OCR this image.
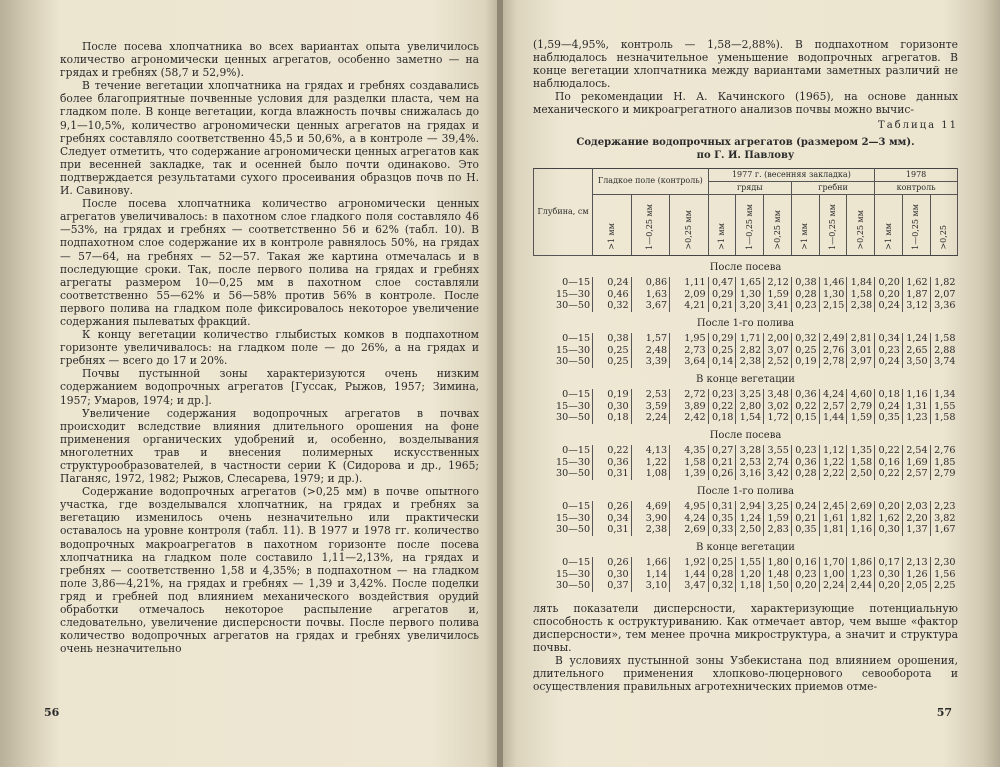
После посева хлопчатника во всех вариантах опыта увеличилось количество агрономически ценных агрегатов, особенно заметно — на грядах и гребнях (58,7 и 52,9%).

В течение вегетации хлопчатника на грядах и гребнях создавались более благоприятные почвенные условия для разделки пласта, чем на гладком поле. В конце вегетации, когда влажность почвы снижалась до 9,1—10,5%, количество агрономически ценных агрегатов на грядах и гребнях составляло соответственно 45,5 и 50,6%, а в контроле — 39,4%. Следует отметить, что содержание агрономически ценных агрегатов как при весенней закладке, так и осенней было почти одинаково. Это подтверждается результатами сухого просеивания образцов почв по Н. И. Савинову.

После посева хлопчатника количество агрономически ценных агрегатов увеличивалось: в пахотном слое гладкого поля составляло 46—53%, на грядах и гребнях — соответственно 56 и 62% (табл. 10). В подпахотном слое содержание их в контроле равнялось 50%, на грядах — 57—64, на гребнях — 52—57. Такая же картина отмечалась и в последующие сроки. Так, после первого полива на грядах и гребнях агрегаты размером 10—0,25 мм в пахотном слое составляли соответственно 55—62% и 56—58% против 56% в контроле. После первого полива на гладком поле фиксировалось некоторое увеличение содержания пылеватых фракций.

К концу вегетации количество глыбистых комков в подпахотном горизонте увеличивалось: на гладком поле — до 26%, а на грядах и гребнях — всего до 17 и 20%.

Почвы пустынной зоны характеризуются очень низким содержанием водопрочных агрегатов [Гуссак, Рыжов, 1957; Зимина, 1957; Умаров, 1974; и др.].

Увеличение содержания водопрочных агрегатов в почвах происходит вследствие влияния длительного орошения на фоне применения органических удобрений и, особенно, возделывания многолетних трав и внесения полимерных искусственных структурообразователей, в частности серии К (Сидорова и др., 1965; Паганяс, 1972, 1982; Рыжов, Слесарева, 1979; и др.).

Содержание водопрочных агрегатов (>0,25 мм) в почве опытного участка, где возделывался хлопчатник, на грядах и гребнях за вегетацию изменилось очень незначительно или практически оставалось на уровне контроля (табл. 11). В 1977 и 1978 гг. количество водопрочных макроагрегатов в пахотном горизонте после посева хлопчатника на гладком поле составило 1,11—2,13%, на грядах и гребнях — соответственно 1,58 и 4,35%; в подпахотном — на гладком поле 3,86—4,21%, на грядах и гребнях — 1,39 и 3,42%. После поделки гряд и гребней под влиянием механического воздействия орудий обработки отмечалось некоторое распыление агрегатов и, следовательно, увеличение дисперсности почвы. После первого полива количество водопрочных агрегатов на грядах и гребнях увеличилось очень незначительно

56

(1,59—4,95%, контроль — 1,58—2,88%). В подпахотном горизонте наблюдалось незначительное уменьшение водопрочных агрегатов. В конце вегетации хлопчатника между вариантами заметных различий не наблюдалось.

По рекомендации Н. А. Качинского (1965), на основе данных механического и микроагрегатного анализов почвы можно вычис-

Таблица 11
Содержание водопрочных агрегатов (размером 2—3 мм).
по Г. И. Павлову
Глубина, см	Гладкое поле (контроль)			1977 г. (весенняя закладка)						1978		
				гряды			гребни			контроль		
	>1 мм	1—0,25 мм	>0,25 мм	>1 мм	1—0,25 мм	>0,25 мм	>1 мм	1—0,25 мм	>0,25 мм	>1 мм	1—0,25 мм	>0,25
После посева												
0—15	0,24	0,86	1,11	0,47	1,65	2,12	0,38	1,46	1,84	0,20	1,62	1,82
15—30	0,46	1,63	2,09	0,29	1,30	1,59	0,28	1,30	1,58	0,20	1,87	2,07
30—50	0,32	3,67	4,21	0,21	3,20	3,41	0,23	2,15	2,38	0,24	3,12	3,36
После 1-го полива												
0—15	0,38	1,57	1,95	0,29	1,71	2,00	0,32	2,49	2,81	0,34	1,24	1,58
15—30	0,25	2,48	2,73	0,25	2,82	3,07	0,25	2,76	3,01	0,23	2,65	2,88
30—50	0,25	3,39	3,64	0,14	2,38	2,52	0,19	2,78	2,97	0,24	3,50	3,74
В конце вегетации												
0—15	0,19	2,53	2,72	0,23	3,25	3,48	0,36	4,24	4,60	0,18	1,16	1,34
15—30	0,30	3,59	3,89	0,22	2,80	3,02	0,22	2,57	2,79	0,24	1,31	1,55
30—50	0,18	2,24	2,42	0,18	1,54	1,72	0,15	1,44	1,59	0,35	1,23	1,58
После посева												
0—15	0,22	4,13	4,35	0,27	3,28	3,55	0,23	1,12	1,35	0,22	2,54	2,76
15—30	0,36	1,22	1,58	0,21	2,53	2,74	0,36	1,22	1,58	0,16	1,69	1,85
30—50	0,31	1,08	1,39	0,26	3,16	3,42	0,28	2,22	2,50	0,22	2,57	2,79
После 1-го полива												
0—15	0,26	4,69	4,95	0,31	2,94	3,25	0,24	2,45	2,69	0,20	2,03	2,23
15—30	0,34	3,90	4,24	0,35	1,24	1,59	0,21	1,61	1,82	1,62	2,20	3,82
30—50	0,31	2,38	2,69	0,33	2,50	2,83	0,35	1,81	1,16	0,30	1,37	1,67
В конце вегетации												
0—15	0,26	1,66	1,92	0,25	1,55	1,80	0,16	1,70	1,86	0,17	2,13	2,30
15—30	0,30	1,14	1,44	0,28	1,20	1,48	0,23	1,00	1,23	0,30	1,26	1,56
30—50	0,37	3,10	3,47	0,32	1,18	1,50	0,20	2,24	2,44	0,20	2,05	2,25

лять показатели дисперсности, характеризующие потенциальную способность к оструктуриванию. Как отмечает автор, чем выше «фактор дисперсности», тем менее прочна микроструктура, а значит и структура почвы.

В условиях пустынной зоны Узбекистана под влиянием орошения, длительного применения хлопково-люцернового севооборота и осуществления правильных агротехнических приемов отме-

57
